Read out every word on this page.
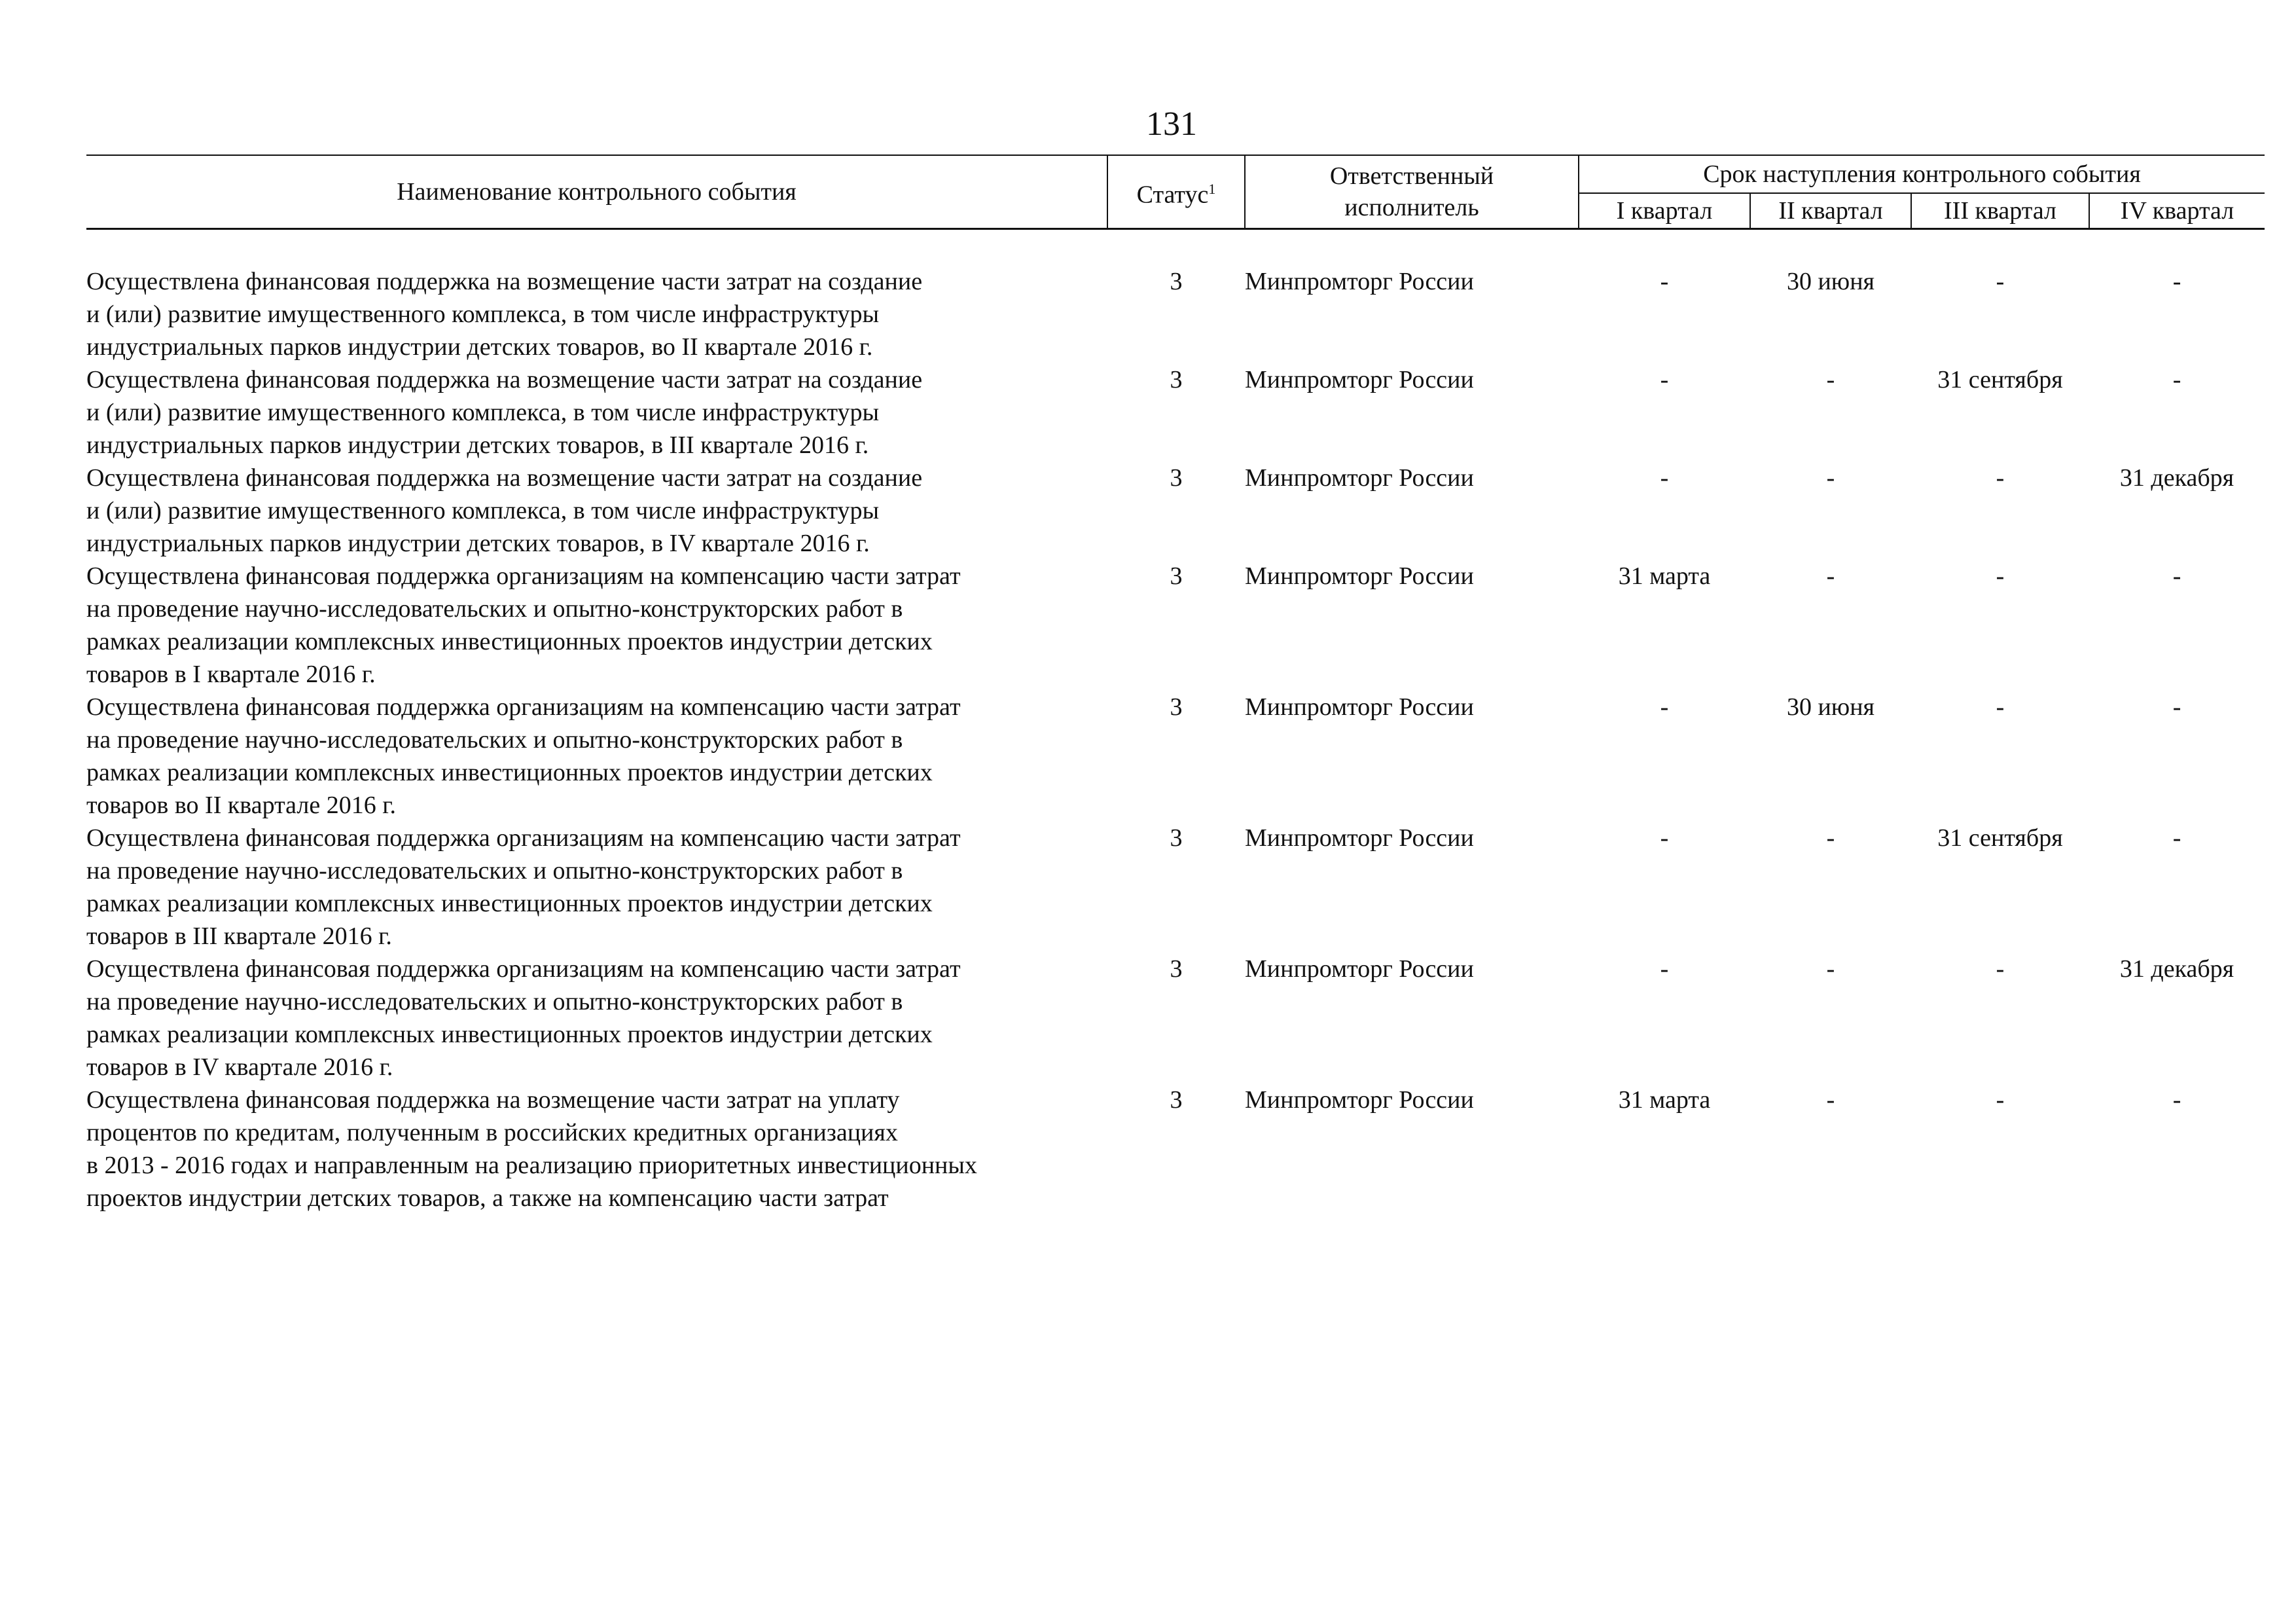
131
Наименование контрольного события	Статус$^1$	Ответственный
исполнитель	Срок наступления контрольного события			
			I квартал	II квартал	III квартал	IV квартал

Осуществлена финансовая поддержка на возмещение части затрат на создание
и (или) развитие имущественного комплекса, в том числе инфраструктуры
индустриальных парков индустрии детских товаров, во II квартале 2016 г.	3	Минпромторг России	-	30 июня	-	-

Осуществлена финансовая поддержка на возмещение части затрат на создание
и (или) развитие имущественного комплекса, в том числе инфраструктуры
индустриальных парков индустрии детских товаров, в III квартале 2016 г.	3	Минпромторг России	-	-	31 сентября	-

Осуществлена финансовая поддержка на возмещение части затрат на создание
и (или) развитие имущественного комплекса, в том числе инфраструктуры
индустриальных парков индустрии детских товаров, в IV квартале 2016 г.	3	Минпромторг России	-	-	-	31 декабря

Осуществлена финансовая поддержка организациям на компенсацию части затрат
на проведение научно-исследовательских и опытно-конструкторских работ в
рамках реализации комплексных инвестиционных проектов индустрии детских
товаров в I квартале 2016 г.	3	Минпромторг России	31 марта	-	-	-

Осуществлена финансовая поддержка организациям на компенсацию части затрат
на проведение научно-исследовательских и опытно-конструкторских работ в
рамках реализации комплексных инвестиционных проектов индустрии детских
товаров во II квартале 2016 г.	3	Минпромторг России	-	30 июня	-	-

Осуществлена финансовая поддержка организациям на компенсацию части затрат
на проведение научно-исследовательских и опытно-конструкторских работ в
рамках реализации комплексных инвестиционных проектов индустрии детских
товаров в III квартале 2016 г.	3	Минпромторг России	-	-	31 сентября	-

Осуществлена финансовая поддержка организациям на компенсацию части затрат
на проведение научно-исследовательских и опытно-конструкторских работ в
рамках реализации комплексных инвестиционных проектов индустрии детских
товаров в IV квартале 2016 г.	3	Минпромторг России	-	-	-	31 декабря

Осуществлена финансовая поддержка на возмещение части затрат на уплату
процентов по кредитам, полученным в российских кредитных организациях
в 2013 - 2016 годах и направленным на реализацию приоритетных инвестиционных
проектов индустрии детских товаров, а также на компенсацию части затрат	3	Минпромторг России	31 марта	-	-	-
